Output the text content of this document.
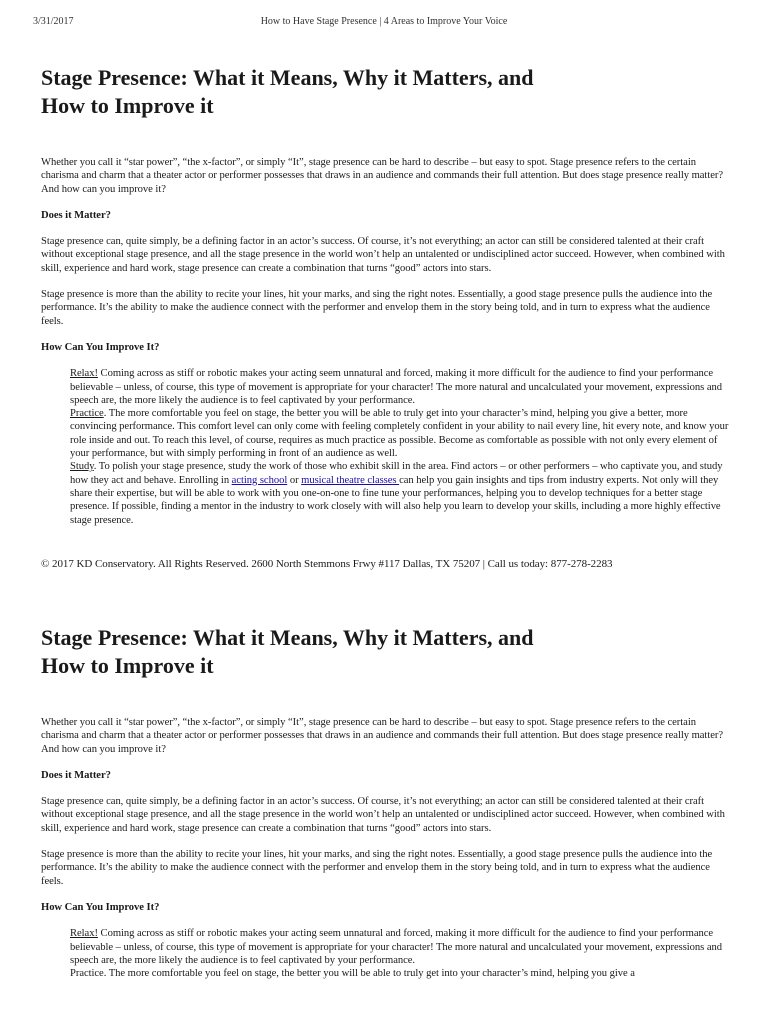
3/31/2017	How to Have Stage Presence | 4 Areas to Improve Your Voice
Stage Presence: What it Means, Why it Matters, and
How to Improve it

Whether you call it “star power”, “the x-factor”, or simply “It”, stage presence can be hard to describe – but easy to spot. Stage presence refers to the certain charisma and charm that a theater actor or performer possesses that draws in an audience and commands their full attention. But does stage presence really matter? And how can you improve it?

Does it Matter?

Stage presence can, quite simply, be a defining factor in an actor’s success. Of course, it’s not everything; an actor can still be considered talented at their craft without exceptional stage presence, and all the stage presence in the world won’t help an untalented or undisciplined actor succeed. However, when combined with skill, experience and hard work, stage presence can create a combination that turns “good” actors into stars.

Stage presence is more than the ability to recite your lines, hit your marks, and sing the right notes. Essentially, a good stage presence pulls the audience into the performance. It’s the ability to make the audience connect with the performer and envelop them in the story being told, and in turn to express what the audience feels.

How Can You Improve It?

Relax! Coming across as stiff or robotic makes your acting seem unnatural and forced, making it more difficult for the audience to find your performance believable – unless, of course, this type of movement is appropriate for your character! The more natural and uncalculated your movement, expressions and speech are, the more likely the audience is to feel captivated by your performance.
Practice. The more comfortable you feel on stage, the better you will be able to truly get into your character’s mind, helping you give a better, more convincing performance. This comfort level can only come with feeling completely confident in your ability to nail every line, hit every note, and know your role inside and out. To reach this level, of course, requires as much practice as possible. Become as comfortable as possible with not only every element of your performance, but with simply performing in front of an audience as well.
Study. To polish your stage presence, study the work of those who exhibit skill in the area. Find actors – or other performers – who captivate you, and study how they act and behave. Enrolling in acting school or musical theatre classes can help you gain insights and tips from industry experts. Not only will they share their expertise, but will be able to work with you one-on-one to fine tune your performances, helping you to develop techniques for a better stage presence. If possible, finding a mentor in the industry to work closely with will also help you learn to develop your skills, including a more highly effective stage presence.

© 2017 KD Conservatory. All Rights Reserved. 2600 North Stemmons Frwy #117 Dallas, TX 75207 | Call us today: 877-278-2283

Stage Presence: What it Means, Why it Matters, and
How to Improve it

Whether you call it “star power”, “the x-factor”, or simply “It”, stage presence can be hard to describe – but easy to spot. Stage presence refers to the certain charisma and charm that a theater actor or performer possesses that draws in an audience and commands their full attention. But does stage presence really matter? And how can you improve it?

Does it Matter?

Stage presence can, quite simply, be a defining factor in an actor’s success. Of course, it’s not everything; an actor can still be considered talented at their craft without exceptional stage presence, and all the stage presence in the world won’t help an untalented or undisciplined actor succeed. However, when combined with skill, experience and hard work, stage presence can create a combination that turns “good” actors into stars.

Stage presence is more than the ability to recite your lines, hit your marks, and sing the right notes. Essentially, a good stage presence pulls the audience into the performance. It’s the ability to make the audience connect with the performer and envelop them in the story being told, and in turn to express what the audience feels.

How Can You Improve It?

Relax! Coming across as stiff or robotic makes your acting seem unnatural and forced, making it more difficult for the audience to find your performance believable – unless, of course, this type of movement is appropriate for your character! The more natural and uncalculated your movement, expressions and speech are, the more likely the audience is to feel captivated by your performance.
Practice. The more comfortable you feel on stage, the better you will be able to truly get into your character’s mind, helping you give a
